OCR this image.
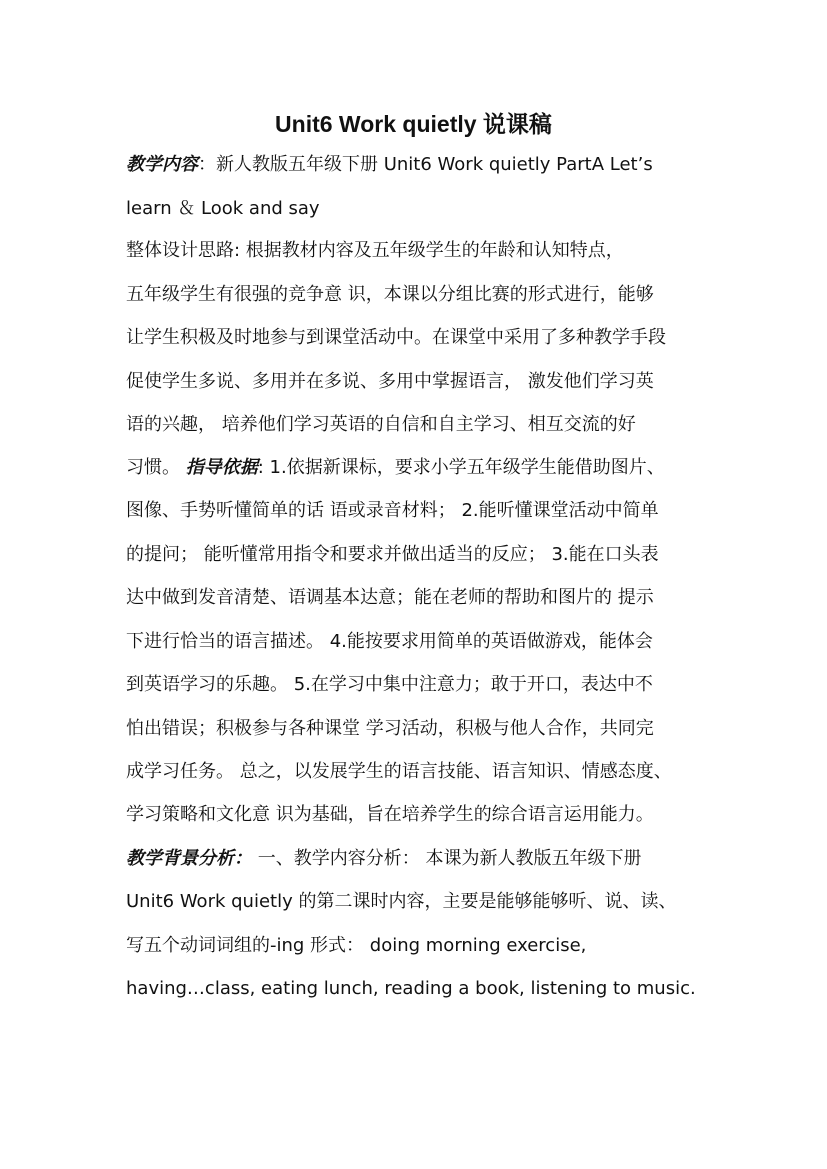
Unit6 Work quietly 说课稿
教学内容：新人教版五年级下册 Unit6 Work quietly PartA Let’s
learn ＆ Look and say
整体设计思路: 根据教材内容及五年级学生的年龄和认知特点，
五年级学生有很强的竞争意 识，本课以分组比赛的形式进行，能够
让学生积极及时地参与到课堂活动中。在课堂中采用了多种教学手段
促使学生多说、多用并在多说、多用中掌握语言， 激发他们学习英
语的兴趣， 培养他们学习英语的自信和自主学习、相互交流的好
习惯。 指导依据: 1.依据新课标，要求小学五年级学生能借助图片、
图像、手势听懂简单的话 语或录音材料； 2.能听懂课堂活动中简单
的提问； 能听懂常用指令和要求并做出适当的反应； 3.能在口头表
达中做到发音清楚、语调基本达意；能在老师的帮助和图片的 提示
下进行恰当的语言描述。 4.能按要求用简单的英语做游戏，能体会
到英语学习的乐趣。 5.在学习中集中注意力；敢于开口，表达中不
怕出错误；积极参与各种课堂 学习活动，积极与他人合作，共同完
成学习任务。 总之，以发展学生的语言技能、语言知识、情感态度、
学习策略和文化意 识为基础，旨在培养学生的综合语言运用能力。
教学背景分析： 一、教学内容分析： 本课为新人教版五年级下册
Unit6 Work quietly 的第二课时内容，主要是能够能够听、说、读、
写五个动词词组的-ing 形式： doing morning exercise,
having…class, eating lunch, reading a book, listening to music.
